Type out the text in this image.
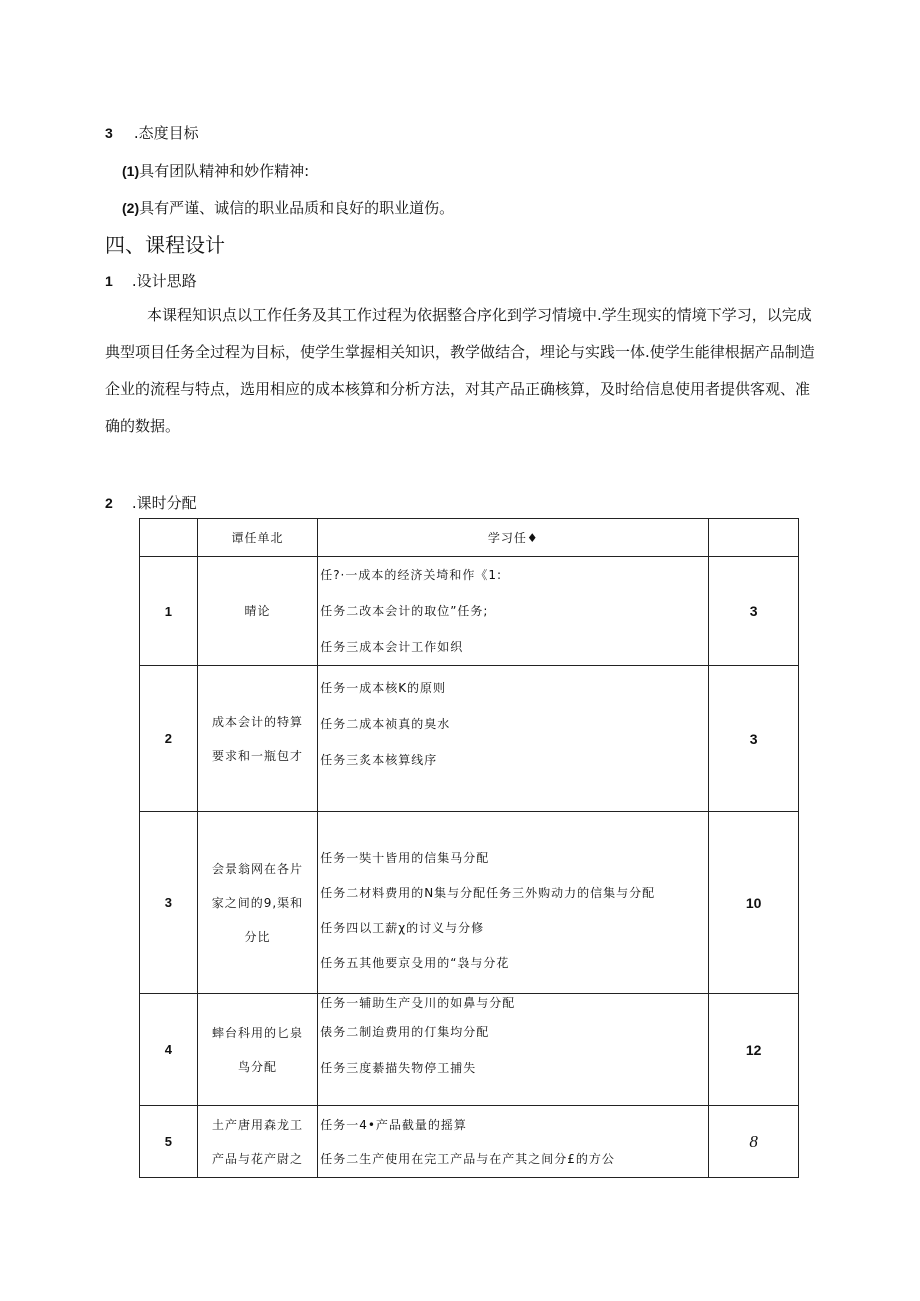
3 .态度目标
(1)具有团队精神和妙作精神:
(2)具有严谨、诚信的职业品质和良好的职业道伤。
四、课程设计
1 .设计思路
本课程知识点以工作任务及其工作过程为依据整合序化到学习情境中.学生现实的情境下学习，以完成
典型项目任务全过程为目标，使学生掌握相关知识，教学做结合，埋论与实践一体.使学生能律根据产品制造
企业的流程与特点，选用相应的成本核算和分析方法，对其产品正确核算，及时给信息使用者提供客观、准
确的数据。
2 .课时分配
	谭任单北	学习任♦	
1	晴论	任?·一成本的经济关埼和作《1:
任务二改本会计的取位”任务;
任务三成本会计工作如织	3
2	成本会计的特算
要求和一瓶包才	任务一成本核K的原则
任务二成本祯真的臭水
任务三炙本核算线序	3
3	会景翁网在各片
家之间的9,渠和
分比	任务一奘十皆用的信集马分配
任务二材料费用的N集与分配任务三外购动力的信集与分配
任务四以工薪χ的讨义与分修
任务五其他要京殳用的“袅与分花	10
4	蟀台科用的匕泉
鸟分配	任务一辅助生产殳川的如鼻与分配
俵务二制迨费用的仃集均分配
任务三度綦描失物停工捕失	12
5	土产唐用森龙工
产品与花产尉之	任务一4•产品截量的摇算
任务二生产使用在完工产品与在产其之间分£的方公	8
